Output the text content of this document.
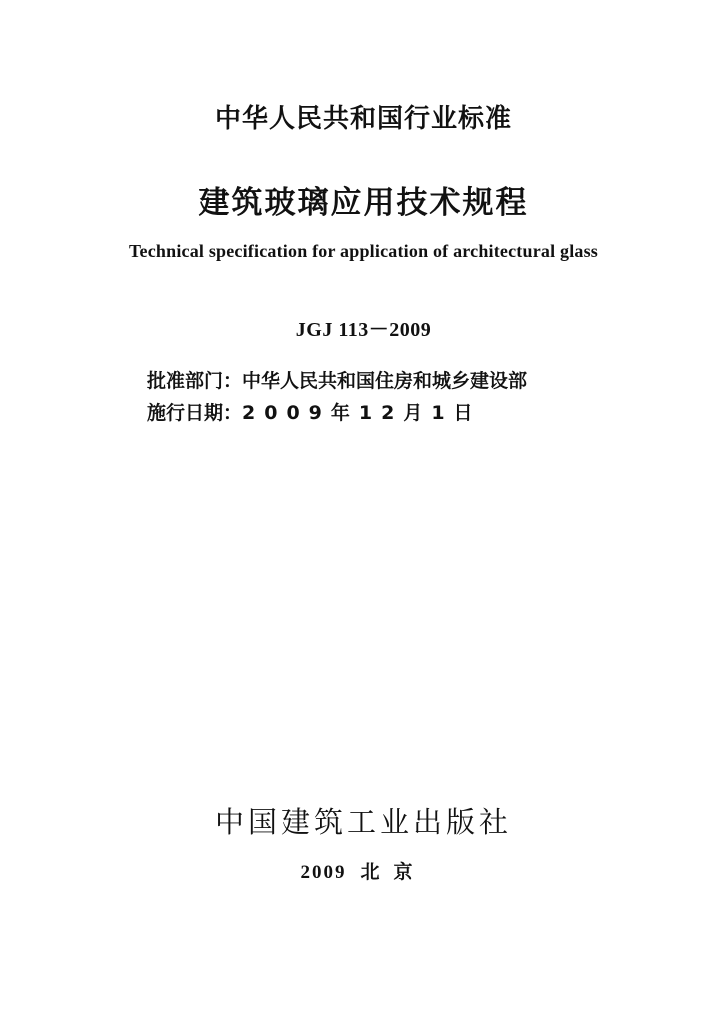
中华人民共和国行业标准
建筑玻璃应用技术规程
Technical specification for application of architectural glass
JGJ 113－2009
批准部门：中华人民共和国住房和城乡建设部
施行日期：2009年12月1日
中国建筑工业出版社
2009 北京
